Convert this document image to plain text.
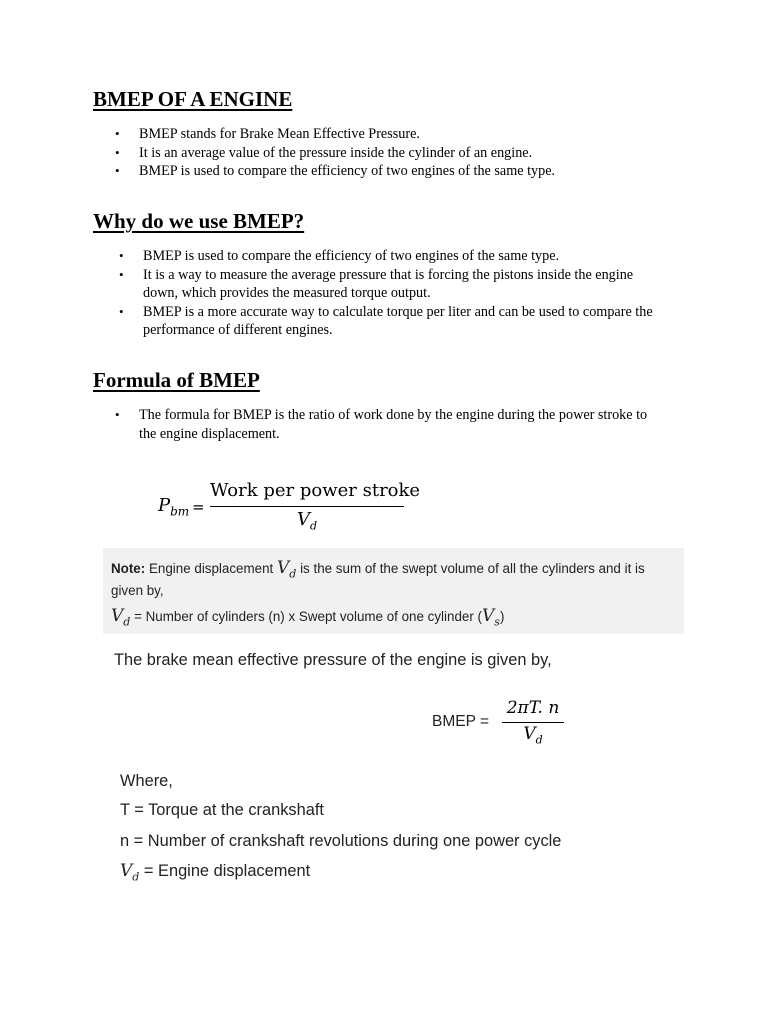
BMEP OF A ENGINE
• BMEP stands for Brake Mean Effective Pressure.
• It is an average value of the pressure inside the cylinder of an engine.
• BMEP is used to compare the efficiency of two engines of the same type.
Why do we use BMEP?
• BMEP is used to compare the efficiency of two engines of the same type.
• It is a way to measure the average pressure that is forcing the pistons inside the engine down, which provides the measured torque output.
• BMEP is a more accurate way to calculate torque per liter and can be used to compare the performance of different engines.
Formula of BMEP
• The formula for BMEP is the ratio of work done by the engine during the power stroke to the engine displacement.
$P_{bm}$ =
Work per power stroke
$V_d$
Note: Engine displacement $V_d$ is the sum of the swept volume of all the cylinders and it is
given by,
$V_d$ = Number of cylinders (n) x Swept volume of one cylinder $(V_s)$
The brake mean effective pressure of the engine is given by,
BMEP =
2πT. n
$V_d$

Where,

T = Torque at the crankshaft

n = Number of crankshaft revolutions during one power cycle

$V_d$ = Engine displacement
